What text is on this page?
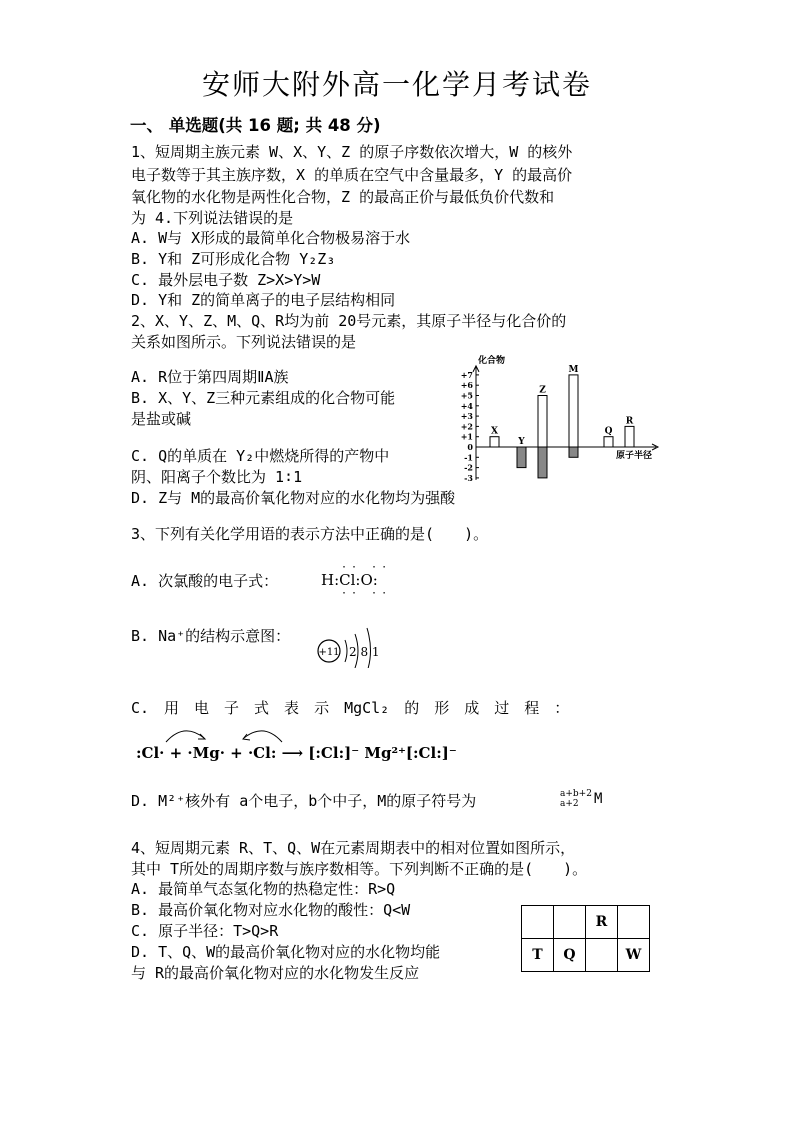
安师大附外高一化学月考试卷
一、 单选题(共 16 题; 共 48 分)
1、短周期主族元素 W、X、Y、Z 的原子序数依次增大，W 的核外
电子数等于其主族序数，X 的单质在空气中含量最多，Y 的最高价
氧化物的水化物是两性化合物，Z 的最高正价与最低负价代数和
为 4.下列说法错误的是
A. W与 X形成的最简单化合物极易溶于水
B. Y和 Z可形成化合物 Y₂Z₃
C. 最外层电子数 Z>X>Y>W
D. Y和 Z的简单离子的电子层结构相同
2、X、Y、Z、M、Q、R均为前 20号元素，其原子半径与化合价的
关系如图所示。下列说法错误的是
A. R位于第四周期ⅡA族
B. X、Y、Z三种元素组成的化合物可能
是盐或碱
C. Q的单质在 Y₂中燃烧所得的产物中
阴、阳离子个数比为 1∶1
D. Z与 M的最高价氧化物对应的水化物均为强酸
化合物
+7
+6
+5
+4
+3
+2
+1
0
-1
-2
-3
X
Y
Z
M
Q
R
原子半径
3、下列有关化学用语的表示方法中正确的是(　　)。
A. 次氯酸的电子式：
·· ··
H:Cl:O:
·· ··
B. Na⁺的结构示意图：
+11 2 8 1
C.　用　电　子　式　表　示　MgCl₂　的　形　成　过　程　：
:Cl· + ·Mg· + ·Cl: ⟶ [:Cl:]⁻ Mg²⁺[:Cl:]⁻
D. M²⁺核外有 a个电子，b个中子，M的原子符号为	a+b+2
a+2 M
4、短周期元素 R、T、Q、W在元素周期表中的相对位置如图所示，
其中 T所处的周期序数与族序数相等。下列判断不正确的是(　　)。
A. 最简单气态氢化物的热稳定性：R>Q
B. 最高价氧化物对应水化物的酸性：Q<W
C. 原子半径：T>Q>R
D. T、Q、W的最高价氧化物对应的水化物均能
与 R的最高价氧化物对应的水化物发生反应
		R	
T	Q		W
